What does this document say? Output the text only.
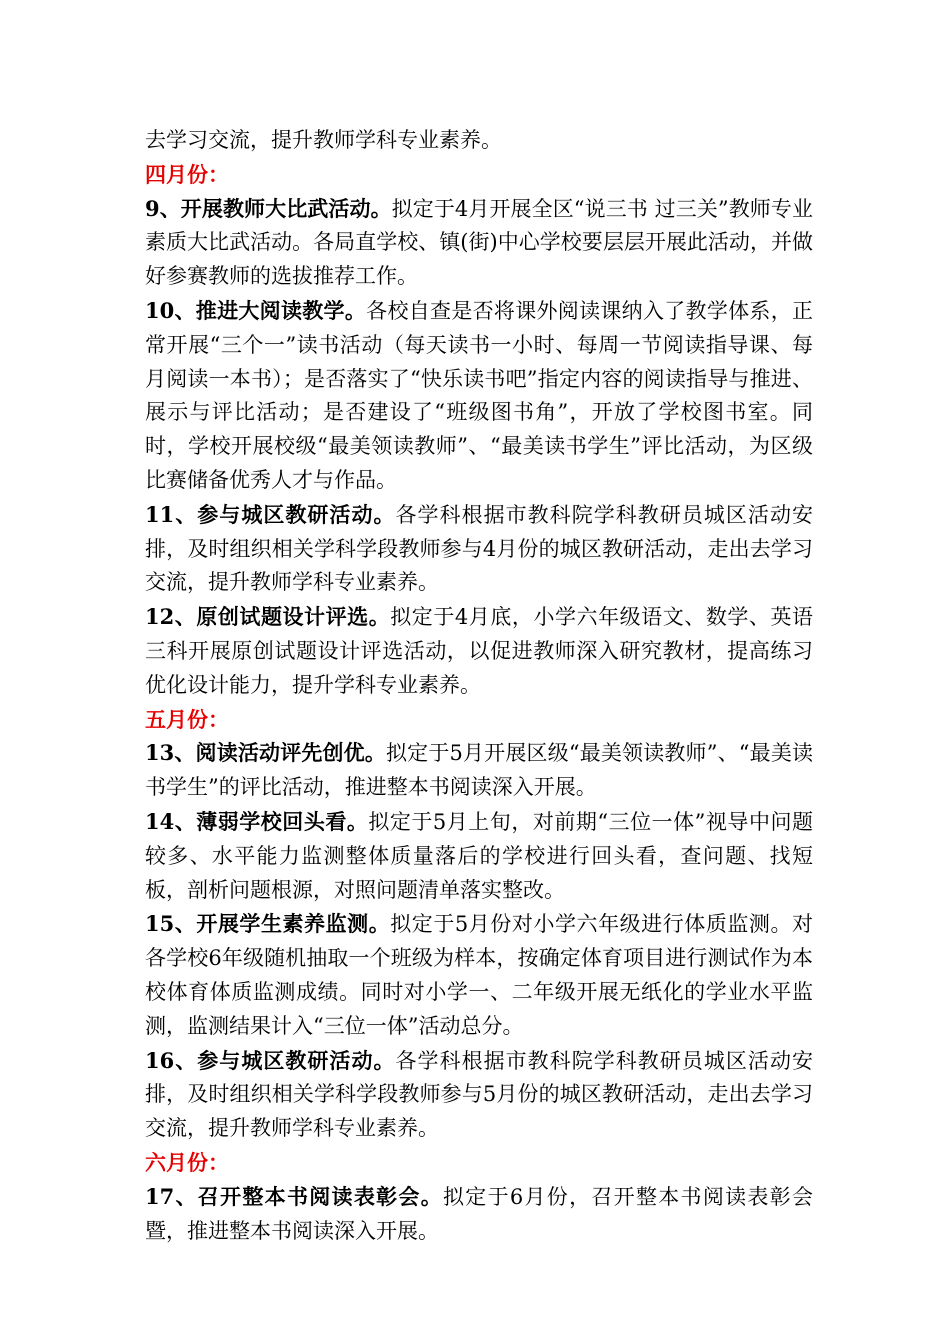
去学习交流，提升教师学科专业素养。

四月份：

9、开展教师大比武活动。拟定于4月开展全区“说三书 过三关”教师专业素质大比武活动。各局直学校、镇(街)中心学校要层层开展此活动，并做好参赛教师的选拔推荐工作。

10、推进大阅读教学。各校自查是否将课外阅读课纳入了教学体系，正常开展“三个一”读书活动（每天读书一小时、每周一节阅读指导课、每月阅读一本书）；是否落实了“快乐读书吧”指定内容的阅读指导与推进、展示与评比活动；是否建设了“班级图书角”，开放了学校图书室。同时，学校开展校级“最美领读教师”、“最美读书学生”评比活动，为区级比赛储备优秀人才与作品。

11、参与城区教研活动。各学科根据市教科院学科教研员城区活动安排，及时组织相关学科学段教师参与4月份的城区教研活动，走出去学习交流，提升教师学科专业素养。

12、原创试题设计评选。拟定于4月底，小学六年级语文、数学、英语三科开展原创试题设计评选活动，以促进教师深入研究教材，提高练习优化设计能力，提升学科专业素养。

五月份：

13、阅读活动评先创优。拟定于5月开展区级“最美领读教师”、“最美读书学生”的评比活动，推进整本书阅读深入开展。

14、薄弱学校回头看。拟定于5月上旬，对前期“三位一体”视导中问题较多、水平能力监测整体质量落后的学校进行回头看，查问题、找短板，剖析问题根源，对照问题清单落实整改。

15、开展学生素养监测。拟定于5月份对小学六年级进行体质监测。对各学校6年级随机抽取一个班级为样本，按确定体育项目进行测试作为本校体育体质监测成绩。同时对小学一、二年级开展无纸化的学业水平监测，监测结果计入“三位一体”活动总分。

16、参与城区教研活动。各学科根据市教科院学科教研员城区活动安排，及时组织相关学科学段教师参与5月份的城区教研活动，走出去学习交流，提升教师学科专业素养。

六月份：

17、召开整本书阅读表彰会。拟定于6月份，召开整本书阅读表彰会暨，推进整本书阅读深入开展。
